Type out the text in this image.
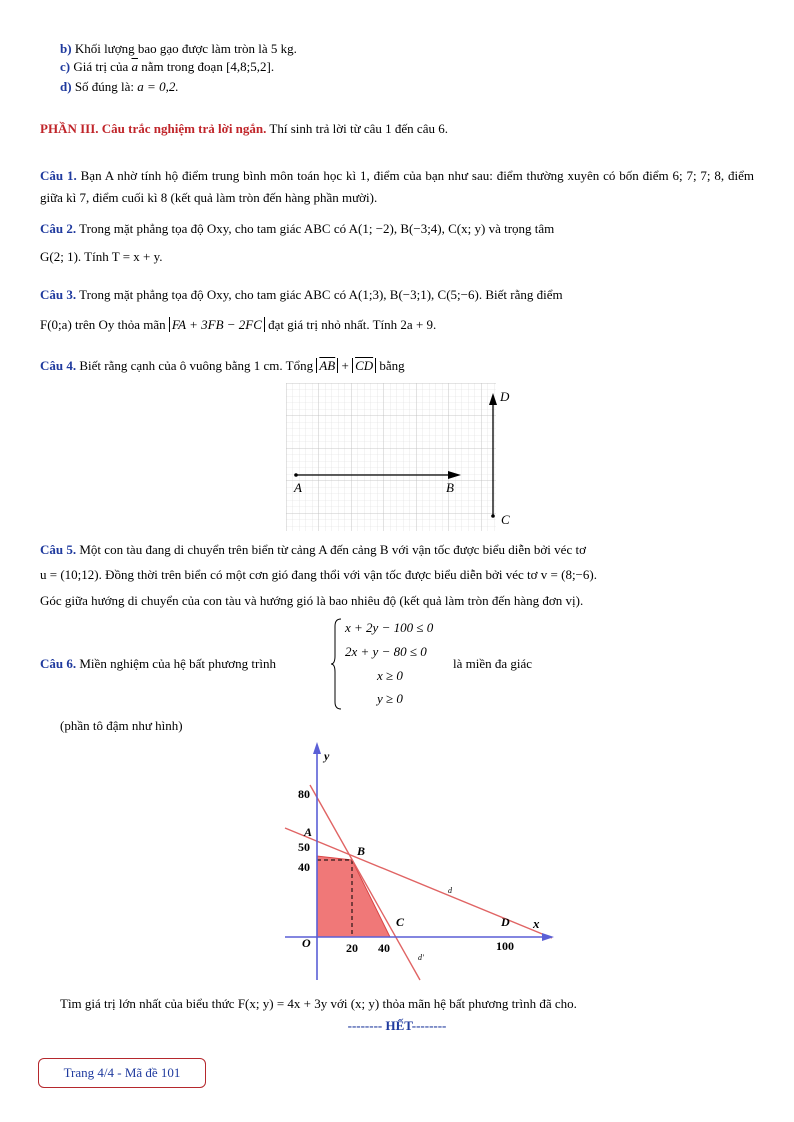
b) Khối lượng bao gạo được làm tròn là 5 kg.
c) Giá trị của $\overline{a}$ nằm trong đoạn [4,8;5,2].
d) Số đúng là: a = 0,2.
PHẦN III. Câu trắc nghiệm trả lời ngắn. Thí sinh trả lời từ câu 1 đến câu 6.
Câu 1. Bạn A nhờ tính hộ điểm trung bình môn toán học kì 1, điểm của bạn như sau: điểm thường xuyên có bốn điểm 6; 7; 7; 8, điểm giữa kì 7, điểm cuối kì 8 (kết quả làm tròn đến hàng phần mười).
Câu 2. Trong mặt phẳng tọa độ Oxy, cho tam giác ABC có A(1; −2), B(−3;4), C(x; y) và trọng tâm
G(2; 1). Tính T = x + y.
Câu 3. Trong mặt phẳng tọa độ Oxy, cho tam giác ABC có A(1;3), B(−3;1), C(5;−6). Biết rằng điểm
F(0;a) trên Oy thỏa mãn FA + 3FB − 2FC đạt giá trị nhỏ nhất. Tính 2a + 9.
Câu 4. Biết rằng cạnh của ô vuông bằng 1 cm. Tổng $\overline{AB} + \overline{CD}$ bằng
A	B
C
D
Câu 5. Một con tàu đang di chuyển trên biển từ cảng A đến cảng B với vận tốc được biểu diễn bởi véc tơ
u = (10;12). Đồng thời trên biển có một cơn gió đang thổi với vận tốc được biểu diễn bởi véc tơ v = (8;−6).
Góc giữa hướng di chuyển của con tàu và hướng gió là bao nhiêu độ (kết quả làm tròn đến hàng đơn vị).
Câu 6. Miền nghiệm của hệ bất phương trình
x + 2y − 100 ≤ 0
2x + y − 80 ≤ 0
x ≥ 0
y ≥ 0
là miền đa giác
(phần tô đậm như hình)
y
x
80
A
50
40
B
C	D
O	20 40	100
d
d'
Tìm giá trị lớn nhất của biểu thức F(x; y) = 4x + 3y với (x; y) thỏa mãn hệ bất phương trình đã cho.
-------- HẾT--------
Trang 4/4 - Mã đề 101
